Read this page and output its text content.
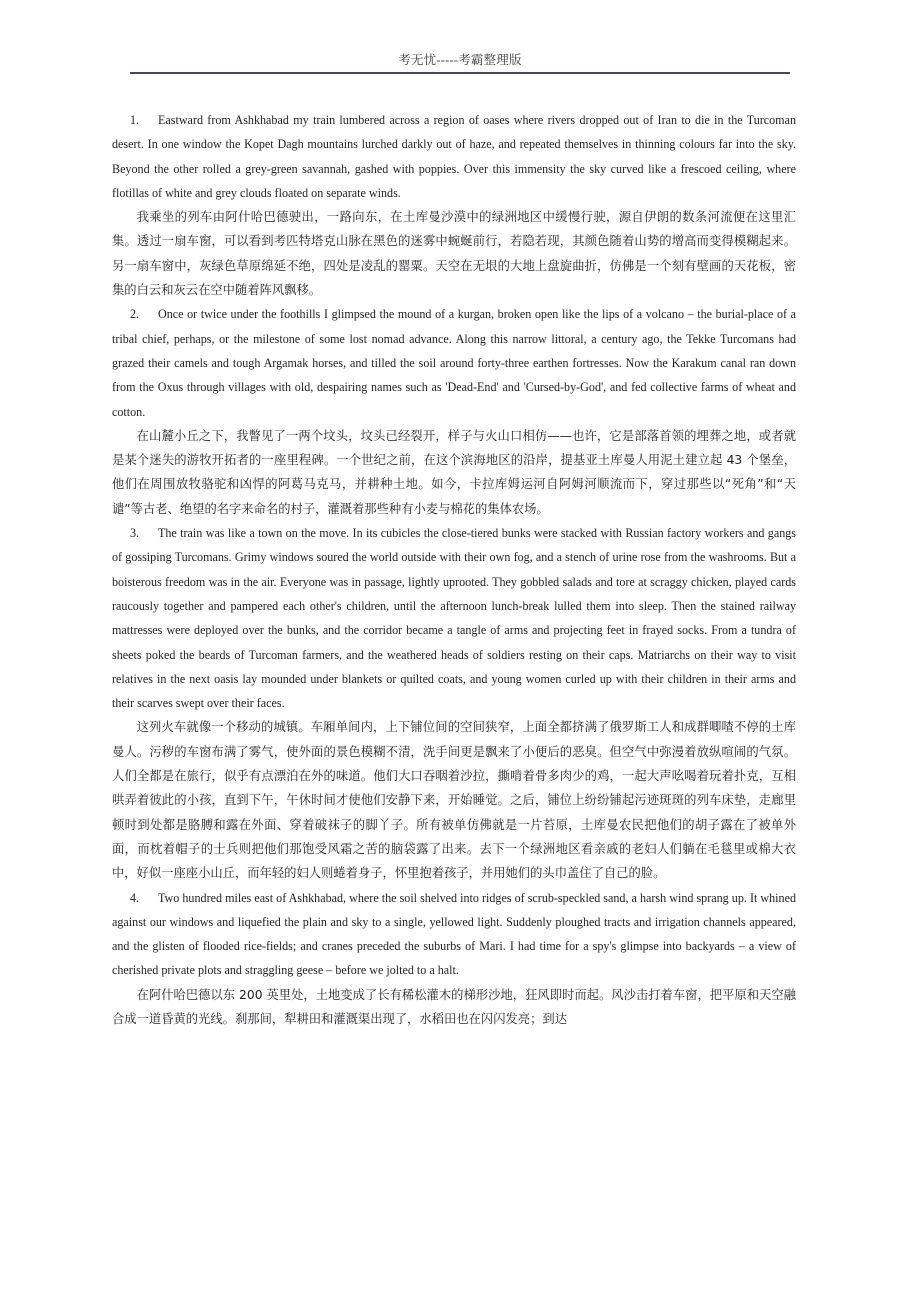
考无忧-----考霸整理版

1. Eastward from Ashkhabad my train lumbered across a region of oases where rivers dropped out of Iran to die in the Turcoman desert. In one window the Kopet Dagh mountains lurched darkly out of haze, and repeated themselves in thinning colours far into the sky. Beyond the other rolled a grey-green savannah, gashed with poppies. Over this immensity the sky curved like a frescoed ceiling, where flotillas of white and grey clouds floated on separate winds.

我乘坐的列车由阿什哈巴德驶出，一路向东，在土库曼沙漠中的绿洲地区中缓慢行驶，源自伊朗的数条河流便在这里汇集。透过一扇车窗，可以看到考匹特塔克山脉在黑色的迷雾中蜿蜒前行，若隐若现，其颜色随着山势的增高而变得模糊起来。另一扇车窗中，灰绿色草原绵延不绝，四处是凌乱的罂粟。天空在无垠的大地上盘旋曲折，仿佛是一个刻有壁画的天花板，密集的白云和灰云在空中随着阵风飘移。

2. Once or twice under the foothills I glimpsed the mound of a kurgan, broken open like the lips of a volcano – the burial-place of a tribal chief, perhaps, or the milestone of some lost nomad advance. Along this narrow littoral, a century ago, the Tekke Turcomans had grazed their camels and tough Argamak horses, and tilled the soil around forty-three earthen fortresses. Now the Karakum canal ran down from the Oxus through villages with old, despairing names such as 'Dead-End' and 'Cursed-by-God', and fed collective farms of wheat and cotton.

在山麓小丘之下，我瞥见了一两个坟头，坟头已经裂开，样子与火山口相仿——也许，它是部落首领的埋葬之地，或者就是某个迷失的游牧开拓者的一座里程碑。一个世纪之前，在这个滨海地区的沿岸，提基亚土库曼人用泥土建立起 43 个堡垒，他们在周围放牧骆驼和凶悍的阿葛马克马，并耕种土地。如今，卡拉库姆运河自阿姆河顺流而下，穿过那些以“死角”和“天谴”等古老、绝望的名字来命名的村子，灌溉着那些种有小麦与棉花的集体农场。

3. The train was like a town on the move. In its cubicles the close-tiered bunks were stacked with Russian factory workers and gangs of gossiping Turcomans. Grimy windows soured the world outside with their own fog, and a stench of urine rose from the washrooms. But a boisterous freedom was in the air. Everyone was in passage, lightly uprooted. They gobbled salads and tore at scraggy chicken, played cards raucously together and pampered each other's children, until the afternoon lunch-break lulled them into sleep. Then the stained railway mattresses were deployed over the bunks, and the corridor became a tangle of arms and projecting feet in frayed socks. From a tundra of sheets poked the beards of Turcoman farmers, and the weathered heads of soldiers resting on their caps. Matriarchs on their way to visit relatives in the next oasis lay mounded under blankets or quilted coats, and young women curled up with their children in their arms and their scarves swept over their faces.

这列火车就像一个移动的城镇。车厢单间内，上下铺位间的空间狭窄，上面全都挤满了俄罗斯工人和成群唧喳不停的土库曼人。污秽的车窗布满了雾气，使外面的景色模糊不清，洗手间更是飘来了小便后的恶臭。但空气中弥漫着放纵喧闹的气氛。人们全都是在旅行，似乎有点漂泊在外的味道。他们大口吞咽着沙拉，撕啃着骨多肉少的鸡，一起大声吆喝着玩着扑克，互相哄弄着彼此的小孩，直到下午，午休时间才使他们安静下来，开始睡觉。之后，铺位上纷纷铺起污迹斑斑的列车床垫，走廊里顿时到处都是胳膊和露在外面、穿着破袜子的脚丫子。所有被单仿佛就是一片苔原，土库曼农民把他们的胡子露在了被单外面，而枕着帽子的士兵则把他们那饱受风霜之苦的脑袋露了出来。去下一个绿洲地区看亲戚的老妇人们躺在毛毯里或棉大衣中，好似一座座小山丘，而年轻的妇人则蜷着身子，怀里抱着孩子，并用她们的头巾盖住了自己的脸。

4. Two hundred miles east of Ashkhabad, where the soil shelved into ridges of scrub-speckled sand, a harsh wind sprang up. It whined against our windows and liquefied the plain and sky to a single, yellowed light. Suddenly ploughed tracts and irrigation channels appeared, and the glisten of flooded rice-fields; and cranes preceded the suburbs of Mari. I had time for a spy's glimpse into backyards – a view of cherished private plots and straggling geese – before we jolted to a halt.

在阿什哈巴德以东 200 英里处，土地变成了长有稀松灌木的梯形沙地，狂风即时而起。风沙击打着车窗，把平原和天空融合成一道昏黄的光线。刹那间，犁耕田和灌溉渠出现了，水稻田也在闪闪发亮；到达
